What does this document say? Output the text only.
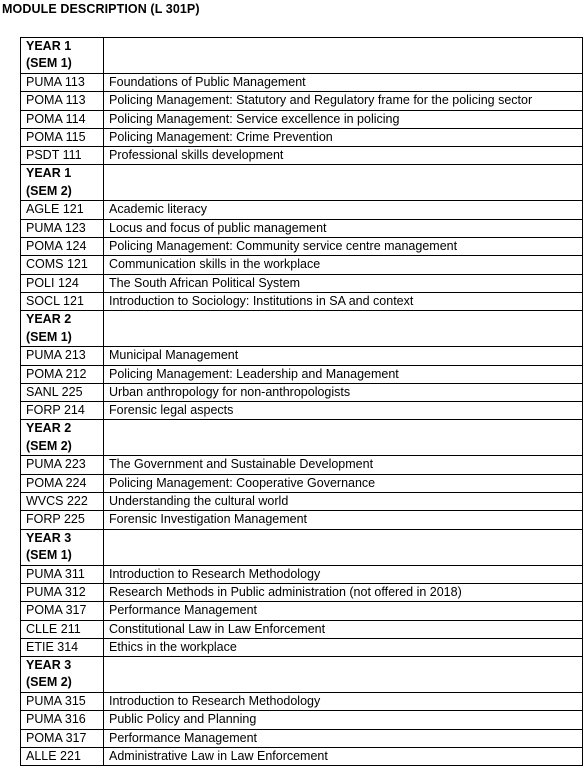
MODULE DESCRIPTION (L 301P)
YEAR 1
(SEM 1)	

PUMA 113	Foundations of Public Management
POMA 113	Policing Management: Statutory and Regulatory frame for the policing sector
POMA 114	Policing Management: Service excellence in policing
POMA 115	Policing Management: Crime Prevention
PSDT 111	Professional skills development

YEAR 1
(SEM 2)	

AGLE 121	Academic literacy
PUMA 123	Locus and focus of public management
POMA 124	Policing Management: Community service centre management
COMS 121	Communication skills in the workplace
POLI 124	The South African Political System
SOCL 121	Introduction to Sociology: Institutions in SA and context

YEAR 2
(SEM 1)	

PUMA 213	Municipal Management
POMA 212	Policing Management: Leadership and Management
SANL 225	Urban anthropology for non-anthropologists
FORP 214	Forensic legal aspects

YEAR 2
(SEM 2)	

PUMA 223	The Government and Sustainable Development
POMA 224	Policing Management: Cooperative Governance
WVCS 222	Understanding the cultural world
FORP 225	Forensic Investigation Management

YEAR 3
(SEM 1)	

PUMA 311	Introduction to Research Methodology
PUMA 312	Research Methods in Public administration (not offered in 2018)
POMA 317	Performance Management
CLLE 211	Constitutional Law in Law Enforcement
ETIE 314	Ethics in the workplace

YEAR 3
(SEM 2)	

PUMA 315	Introduction to Research Methodology
PUMA 316	Public Policy and Planning
POMA 317	Performance Management
ALLE 221	Administrative Law in Law Enforcement
